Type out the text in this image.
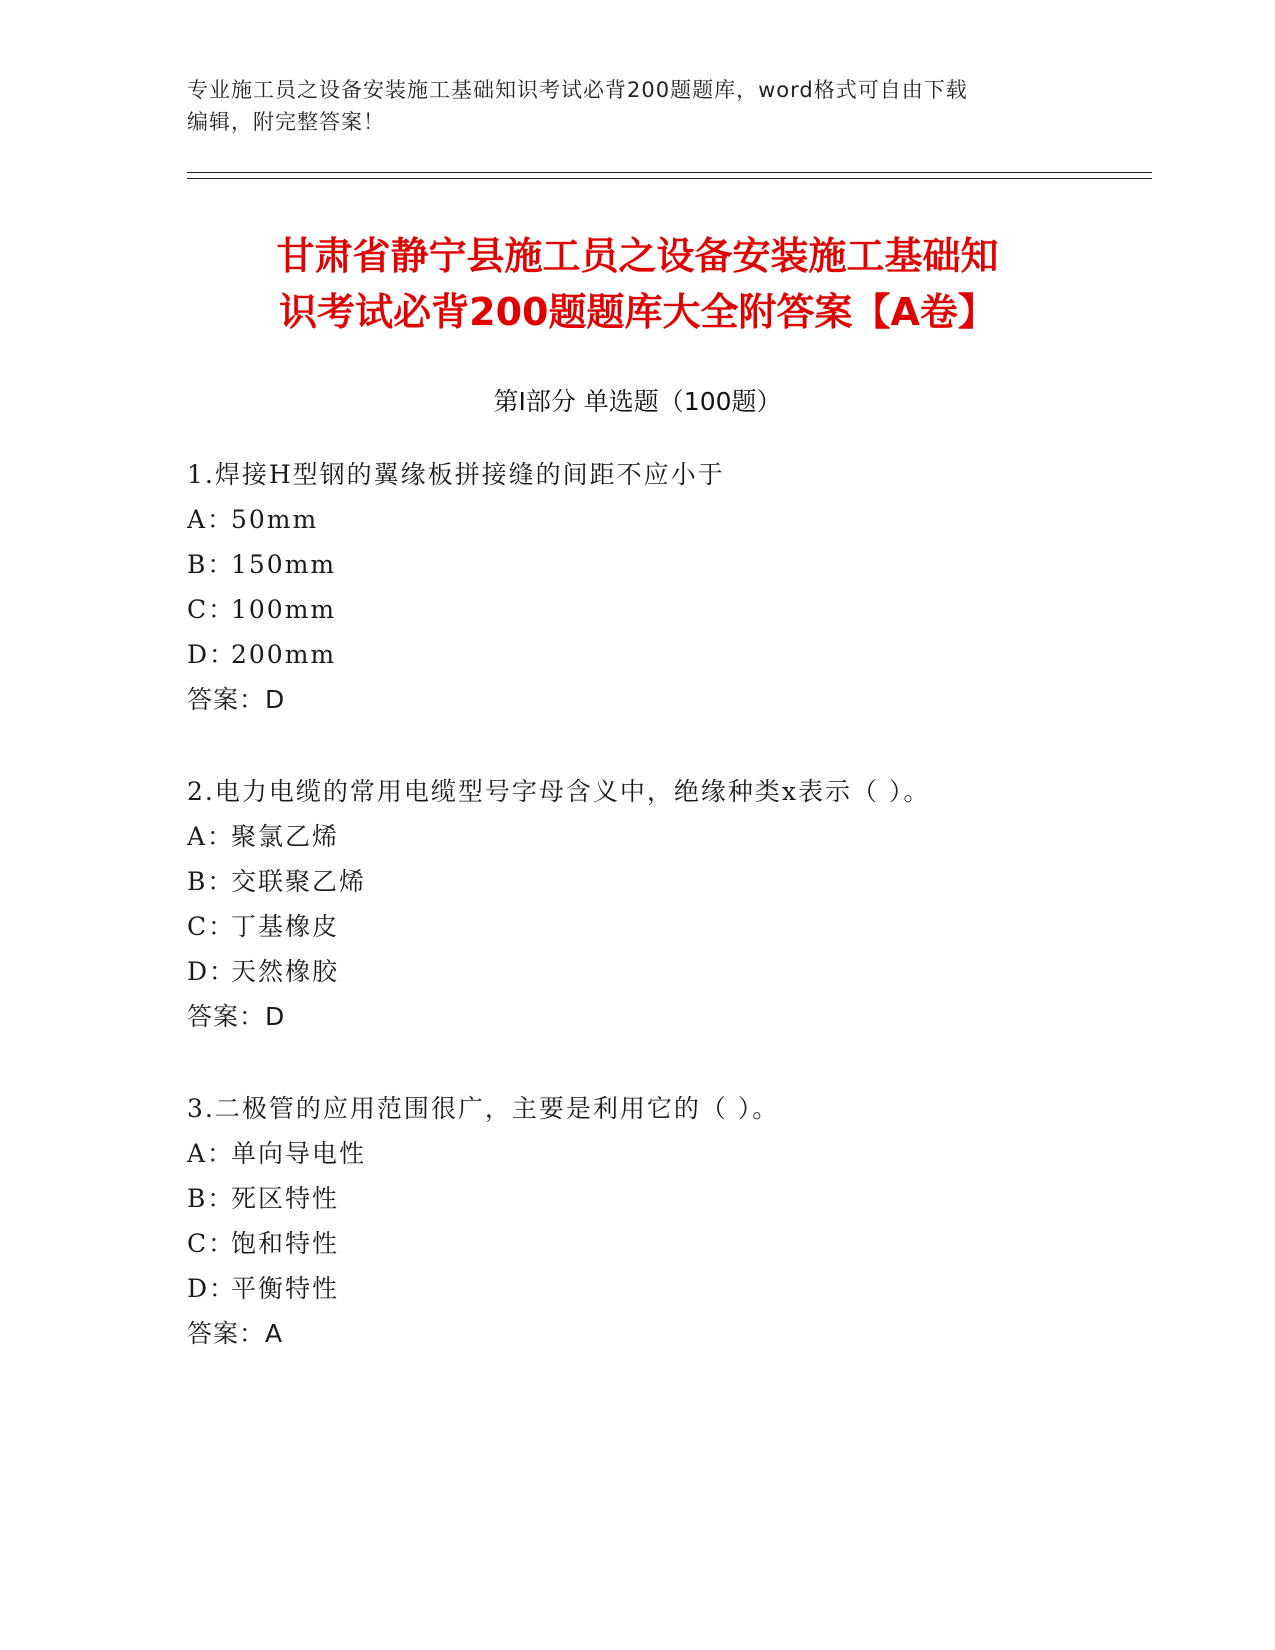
专业施工员之设备安装施工基础知识考试必背200题题库，word格式可自由下载
编辑，附完整答案！
甘肃省静宁县施工员之设备安装施工基础知
识考试必背200题题库大全附答案【A卷】
第Ⅰ部分 单选题（100题）
1.焊接H型钢的翼缘板拼接缝的间距不应小于
A：50mm
B：150mm
C：100mm
D：200mm
答案：D
2.电力电缆的常用电缆型号字母含义中，绝缘种类x表示（ ）。
A：聚氯乙烯
B：交联聚乙烯
C：丁基橡皮
D：天然橡胶
答案：D
3.二极管的应用范围很广，主要是利用它的（ ）。
A：单向导电性
B：死区特性
C：饱和特性
D：平衡特性
答案：A
